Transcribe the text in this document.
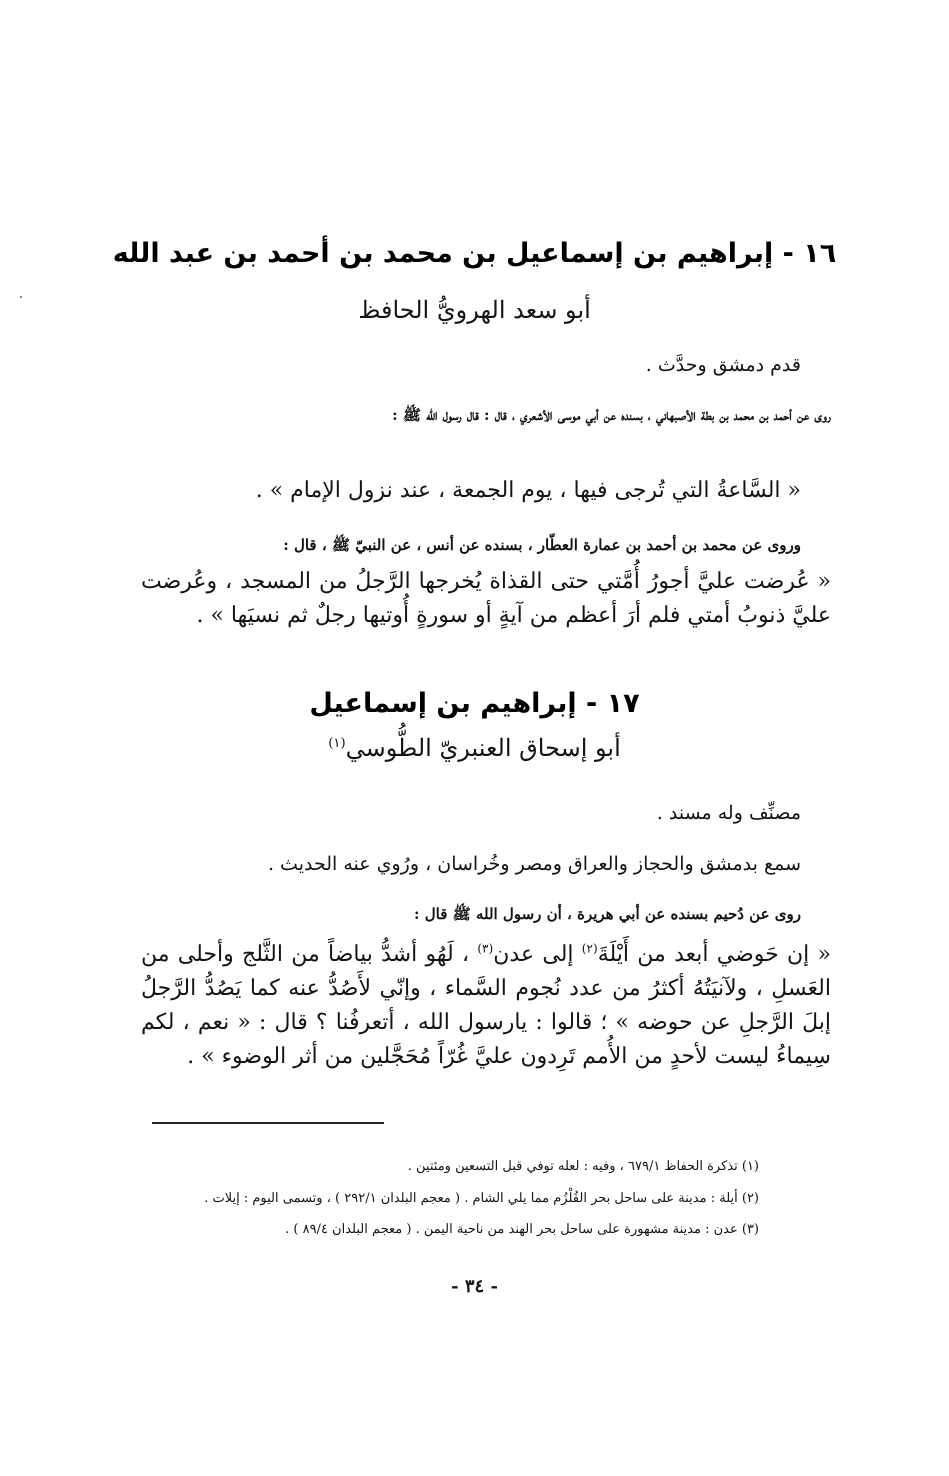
١٦ - إبراهيم بن إسماعيل بن محمد بن أحمد بن عبد الله
أبو سعد الهرويُّ الحافظ
قدم دمشق وحدَّث .
روى عن أحمد بن محمد بن بطة الأصبهاني ، بسنده عن أبي موسى الأشعري ، قال : قال رسول الله ﷺ :
« السَّاعةُ التي تُرجى فيها ، يوم الجمعة ، عند نزول الإمام » .
وروى عن محمد بن أحمد بن عمارة العطّار ، بسنده عن أنس ، عن النبيّ ﷺ ، قال :
« عُرضت عليَّ أجورُ أُمَّتي حتى القذاة يُخرجها الرَّجلُ من المسجد ، وعُرضت عليَّ ذنوبُ أمتي فلم أرَ أعظم من آيةٍ أو سورةٍ أُوتيها رجلٌ ثم نسيَها » .
١٧ - إبراهيم بن إسماعيل
أبو إسحاق العنبريّ الطُّوسي$^{(١)}$
مصنِّف وله مسند .
سمع بدمشق والحجاز والعراق ومصر وخُراسان ، ورُوي عنه الحديث .
روى عن دُحيم بسنده عن أبي هريرة ، أن رسول الله ﷺ قال :
« إن حَوضي أبعد من أَيْلَةَ$^{(٢)}$ إلى عدن$^{(٣)}$ ، لَهُو أشدُّ بياضاً من الثَّلج وأحلى من العَسلِ ، ولآنيَتُهُ أكثرُ من عدد نُجوم السَّماء ، وإنّي لأَصُدُّ عنه كما يَصُدُّ الرَّجلُ إبلَ الرَّجلِ عن حوضه » ؛ قالوا : يارسول الله ، أتعرفُنا ؟ قال : « نعم ، لكم سِيماءُ ليست لأحدٍ من الأُمم تَرِدون عليَّ غُرّاً مُحَجَّلين من أثر الوضوء » .
(١) تذكرة الحفاظ ٦٧٩/١ ، وفيه : لعله توفي قبل التسعين ومئتين .
(٢) أيلة : مدينة على ساحل بحر القُلْزُم مما يلي الشام . ( معجم البلدان ٢٩٢/١ ) ، وتسمى اليوم : إيلات .
(٣) عدن : مدينة مشهورة على ساحل بحر الهند من ناحية اليمن . ( معجم البلدان ٨٩/٤ ) .
- ٣٤ -
